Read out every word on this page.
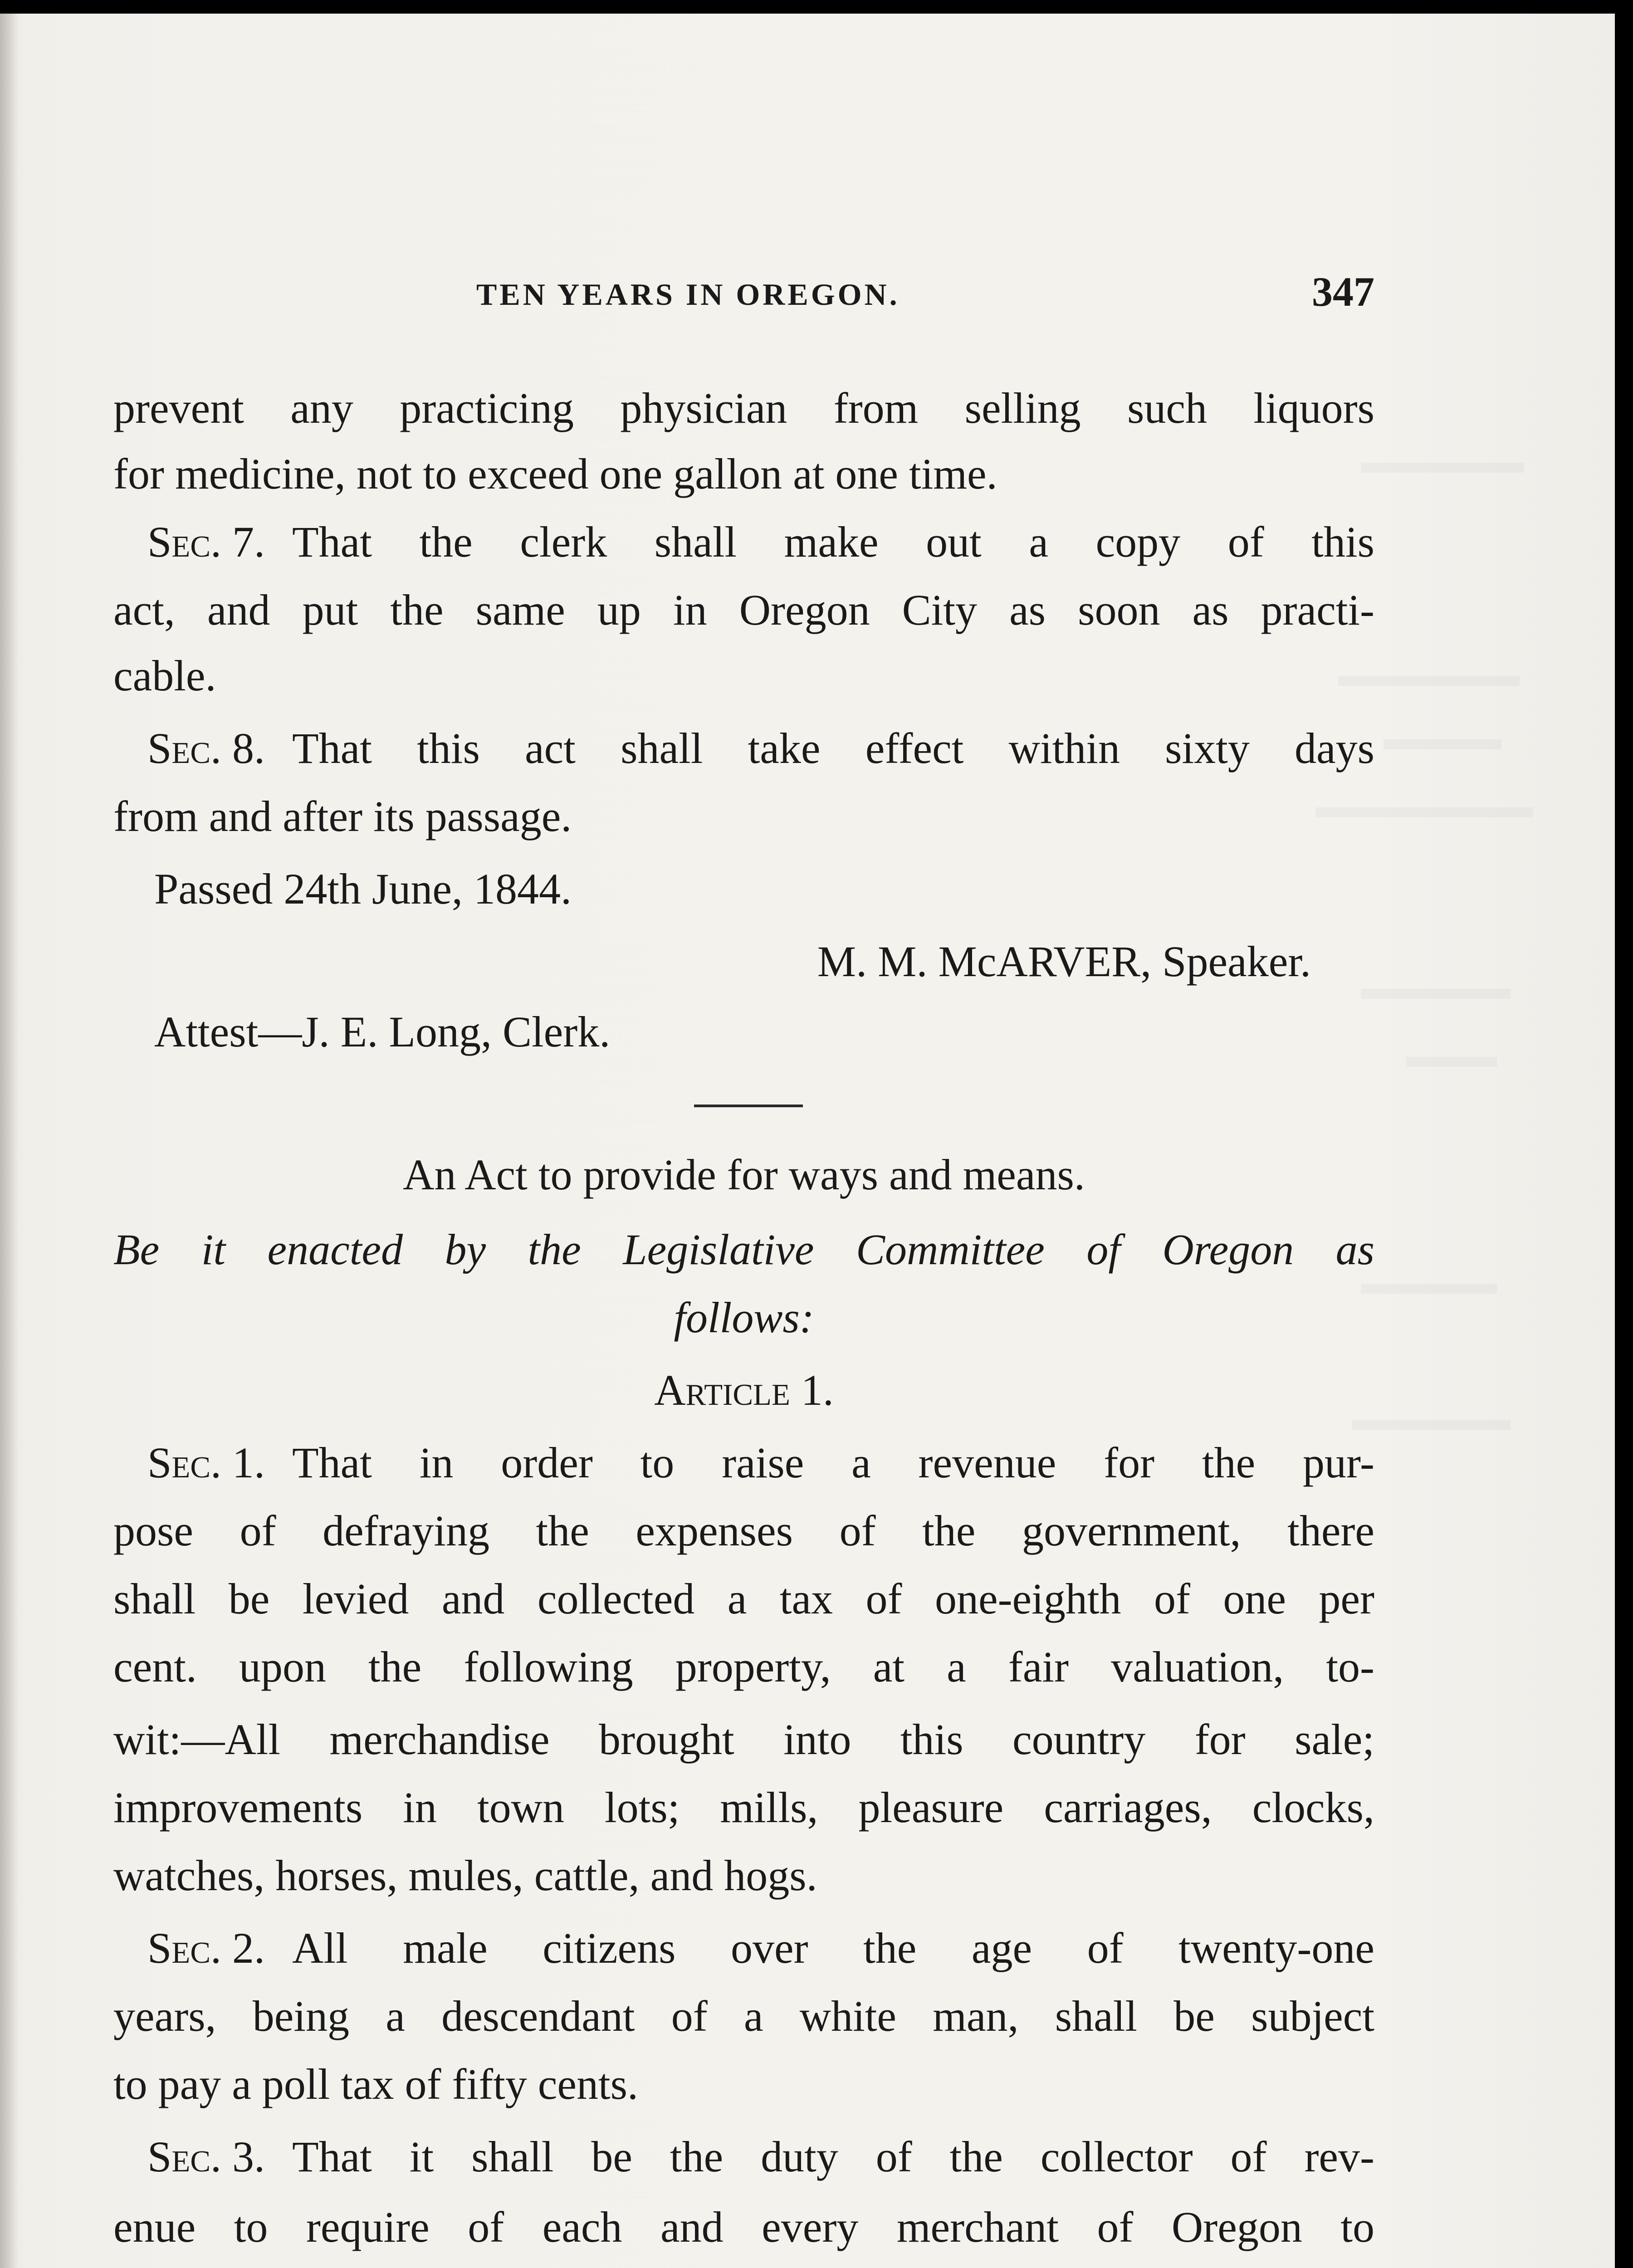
TEN YEARS IN OREGON.	347
prevent any practicing physician from selling such liquors
for medicine, not to exceed one gallon at one time.
Sec. 7. That the clerk shall make out a copy of this
act, and put the same up in Oregon City as soon as practi-
cable.
Sec. 8. That this act shall take effect within sixty days
from and after its passage.
Passed 24th June, 1844.
M. M. McARVER, Speaker.
Attest—J. E. Long, Clerk.
An Act to provide for ways and means.
Be it enacted by the Legislative Committee of Oregon as
follows:
Article 1.
Sec. 1. That in order to raise a revenue for the pur-
pose of defraying the expenses of the government, there
shall be levied and collected a tax of one-eighth of one per
cent. upon the following property, at a fair valuation, to-
wit:—All merchandise brought into this country for sale;
improvements in town lots; mills, pleasure carriages, clocks,
watches, horses, mules, cattle, and hogs.
Sec. 2. All male citizens over the age of twenty-one
years, being a descendant of a white man, shall be subject
to pay a poll tax of fifty cents.
Sec. 3. That it shall be the duty of the collector of rev-
enue to require of each and every merchant of Oregon to
